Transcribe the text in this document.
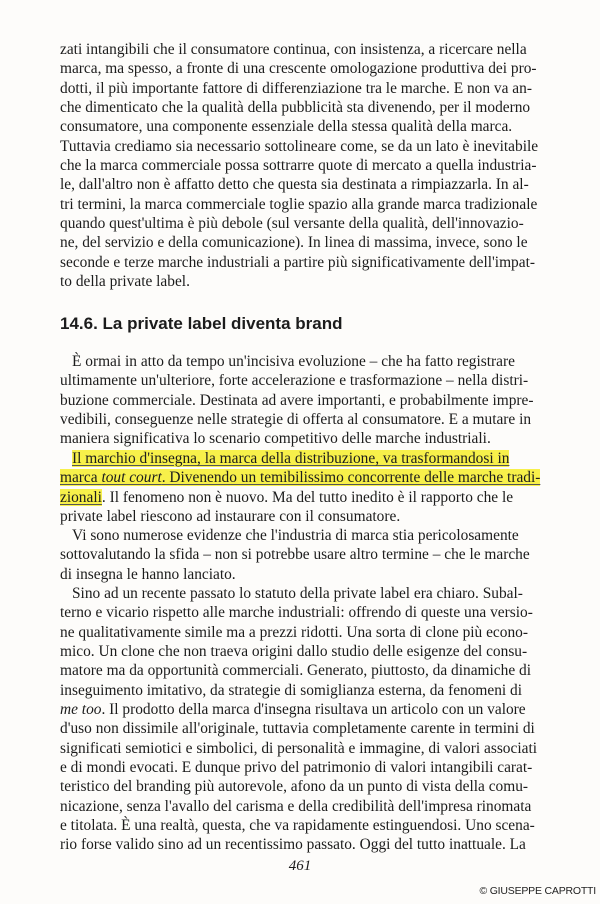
zati intangibili che il consumatore continua, con insistenza, a ricercare nella
marca, ma spesso, a fronte di una crescente omologazione produttiva dei pro-
dotti, il più importante fattore di differenziazione tra le marche. E non va an-
che dimenticato che la qualità della pubblicità sta divenendo, per il moderno
consumatore, una componente essenziale della stessa qualità della marca.
Tuttavia crediamo sia necessario sottolineare come, se da un lato è inevitabile
che la marca commerciale possa sottrarre quote di mercato a quella industria-
le, dall'altro non è affatto detto che questa sia destinata a rimpiazzarla. In al-
tri termini, la marca commerciale toglie spazio alla grande marca tradizionale
quando quest'ultima è più debole (sul versante della qualità, dell'innovazio-
ne, del servizio e della comunicazione). In linea di massima, invece, sono le
seconde e terze marche industriali a partire più significativamente dell'impat-
to della private label.
14.6. La private label diventa brand
È ormai in atto da tempo un'incisiva evoluzione – che ha fatto registrare
ultimamente un'ulteriore, forte accelerazione e trasformazione – nella distri-
buzione commerciale. Destinata ad avere importanti, e probabilmente impre-
vedibili, conseguenze nelle strategie di offerta al consumatore. E a mutare in
maniera significativa lo scenario competitivo delle marche industriali.
Il marchio d'insegna, la marca della distribuzione, va trasformandosi in
marca tout court. Divenendo un temibilissimo concorrente delle marche tradi-
zionali. Il fenomeno non è nuovo. Ma del tutto inedito è il rapporto che le
private label riescono ad instaurare con il consumatore.
Vi sono numerose evidenze che l'industria di marca stia pericolosamente
sottovalutando la sfida – non si potrebbe usare altro termine – che le marche
di insegna le hanno lanciato.
Sino ad un recente passato lo statuto della private label era chiaro. Subal-
terno e vicario rispetto alle marche industriali: offrendo di queste una versio-
ne qualitativamente simile ma a prezzi ridotti. Una sorta di clone più econo-
mico. Un clone che non traeva origini dallo studio delle esigenze del consu-
matore ma da opportunità commerciali. Generato, piuttosto, da dinamiche di
inseguimento imitativo, da strategie di somiglianza esterna, da fenomeni di
me too. Il prodotto della marca d'insegna risultava un articolo con un valore
d'uso non dissimile all'originale, tuttavia completamente carente in termini di
significati semiotici e simbolici, di personalità e immagine, di valori associati
e di mondi evocati. E dunque privo del patrimonio di valori intangibili carat-
teristico del branding più autorevole, afono da un punto di vista della comu-
nicazione, senza l'avallo del carisma e della credibilità dell'impresa rinomata
e titolata. È una realtà, questa, che va rapidamente estinguendosi. Uno scena-
rio forse valido sino ad un recentissimo passato. Oggi del tutto inattuale. La

461

© GIUSEPPE CAPROTTI
